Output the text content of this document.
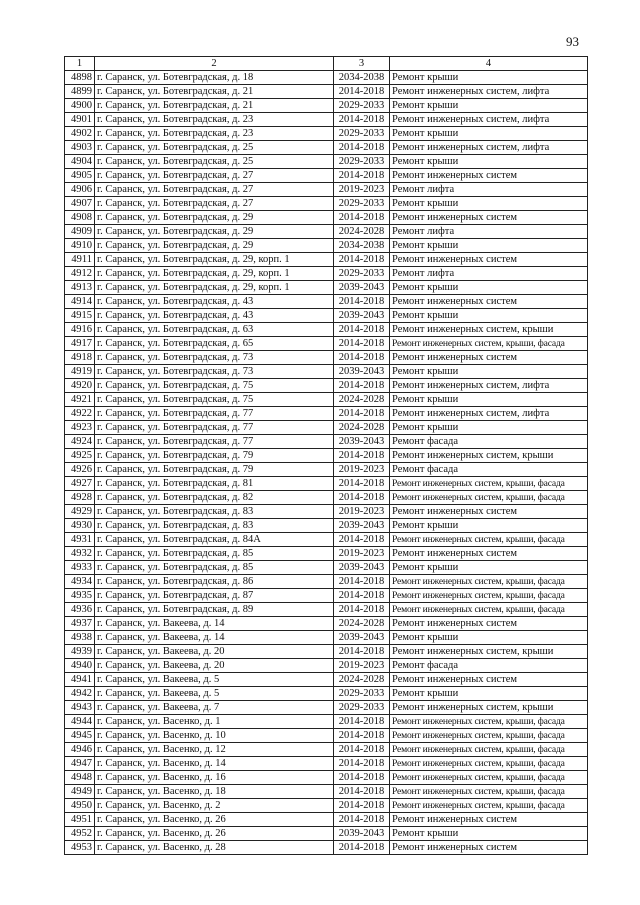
93
1	2	3	4
4898	г. Саранск, ул. Ботевградская, д. 18	2034-2038	Ремонт крыши
4899	г. Саранск, ул. Ботевградская, д. 21	2014-2018	Ремонт инженерных систем, лифта
4900	г. Саранск, ул. Ботевградская, д. 21	2029-2033	Ремонт крыши
4901	г. Саранск, ул. Ботевградская, д. 23	2014-2018	Ремонт инженерных систем, лифта
4902	г. Саранск, ул. Ботевградская, д. 23	2029-2033	Ремонт крыши
4903	г. Саранск, ул. Ботевградская, д. 25	2014-2018	Ремонт инженерных систем, лифта
4904	г. Саранск, ул. Ботевградская, д. 25	2029-2033	Ремонт крыши
4905	г. Саранск, ул. Ботевградская, д. 27	2014-2018	Ремонт инженерных систем
4906	г. Саранск, ул. Ботевградская, д. 27	2019-2023	Ремонт лифта
4907	г. Саранск, ул. Ботевградская, д. 27	2029-2033	Ремонт крыши
4908	г. Саранск, ул. Ботевградская, д. 29	2014-2018	Ремонт инженерных систем
4909	г. Саранск, ул. Ботевградская, д. 29	2024-2028	Ремонт лифта
4910	г. Саранск, ул. Ботевградская, д. 29	2034-2038	Ремонт крыши
4911	г. Саранск, ул. Ботевградская, д. 29, корп. 1	2014-2018	Ремонт инженерных систем
4912	г. Саранск, ул. Ботевградская, д. 29, корп. 1	2029-2033	Ремонт лифта
4913	г. Саранск, ул. Ботевградская, д. 29, корп. 1	2039-2043	Ремонт крыши
4914	г. Саранск, ул. Ботевградская, д. 43	2014-2018	Ремонт инженерных систем
4915	г. Саранск, ул. Ботевградская, д. 43	2039-2043	Ремонт крыши
4916	г. Саранск, ул. Ботевградская, д. 63	2014-2018	Ремонт инженерных систем, крыши
4917	г. Саранск, ул. Ботевградская, д. 65	2014-2018	Ремонт инженерных систем, крыши, фасада
4918	г. Саранск, ул. Ботевградская, д. 73	2014-2018	Ремонт инженерных систем
4919	г. Саранск, ул. Ботевградская, д. 73	2039-2043	Ремонт крыши
4920	г. Саранск, ул. Ботевградская, д. 75	2014-2018	Ремонт инженерных систем, лифта
4921	г. Саранск, ул. Ботевградская, д. 75	2024-2028	Ремонт крыши
4922	г. Саранск, ул. Ботевградская, д. 77	2014-2018	Ремонт инженерных систем, лифта
4923	г. Саранск, ул. Ботевградская, д. 77	2024-2028	Ремонт крыши
4924	г. Саранск, ул. Ботевградская, д. 77	2039-2043	Ремонт фасада
4925	г. Саранск, ул. Ботевградская, д. 79	2014-2018	Ремонт инженерных систем, крыши
4926	г. Саранск, ул. Ботевградская, д. 79	2019-2023	Ремонт фасада
4927	г. Саранск, ул. Ботевградская, д. 81	2014-2018	Ремонт инженерных систем, крыши, фасада
4928	г. Саранск, ул. Ботевградская, д. 82	2014-2018	Ремонт инженерных систем, крыши, фасада
4929	г. Саранск, ул. Ботевградская, д. 83	2019-2023	Ремонт инженерных систем
4930	г. Саранск, ул. Ботевградская, д. 83	2039-2043	Ремонт крыши
4931	г. Саранск, ул. Ботевградская, д. 84А	2014-2018	Ремонт инженерных систем, крыши, фасада
4932	г. Саранск, ул. Ботевградская, д. 85	2019-2023	Ремонт инженерных систем
4933	г. Саранск, ул. Ботевградская, д. 85	2039-2043	Ремонт крыши
4934	г. Саранск, ул. Ботевградская, д. 86	2014-2018	Ремонт инженерных систем, крыши, фасада
4935	г. Саранск, ул. Ботевградская, д. 87	2014-2018	Ремонт инженерных систем, крыши, фасада
4936	г. Саранск, ул. Ботевградская, д. 89	2014-2018	Ремонт инженерных систем, крыши, фасада
4937	г. Саранск, ул. Вакеева, д. 14	2024-2028	Ремонт инженерных систем
4938	г. Саранск, ул. Вакеева, д. 14	2039-2043	Ремонт крыши
4939	г. Саранск, ул. Вакеева, д. 20	2014-2018	Ремонт инженерных систем, крыши
4940	г. Саранск, ул. Вакеева, д. 20	2019-2023	Ремонт фасада
4941	г. Саранск, ул. Вакеева, д. 5	2024-2028	Ремонт инженерных систем
4942	г. Саранск, ул. Вакеева, д. 5	2029-2033	Ремонт крыши
4943	г. Саранск, ул. Вакеева, д. 7	2029-2033	Ремонт инженерных систем, крыши
4944	г. Саранск, ул. Васенко, д. 1	2014-2018	Ремонт инженерных систем, крыши, фасада
4945	г. Саранск, ул. Васенко, д. 10	2014-2018	Ремонт инженерных систем, крыши, фасада
4946	г. Саранск, ул. Васенко, д. 12	2014-2018	Ремонт инженерных систем, крыши, фасада
4947	г. Саранск, ул. Васенко, д. 14	2014-2018	Ремонт инженерных систем, крыши, фасада
4948	г. Саранск, ул. Васенко, д. 16	2014-2018	Ремонт инженерных систем, крыши, фасада
4949	г. Саранск, ул. Васенко, д. 18	2014-2018	Ремонт инженерных систем, крыши, фасада
4950	г. Саранск, ул. Васенко, д. 2	2014-2018	Ремонт инженерных систем, крыши, фасада
4951	г. Саранск, ул. Васенко, д. 26	2014-2018	Ремонт инженерных систем
4952	г. Саранск, ул. Васенко, д. 26	2039-2043	Ремонт крыши
4953	г. Саранск, ул. Васенко, д. 28	2014-2018	Ремонт инженерных систем
